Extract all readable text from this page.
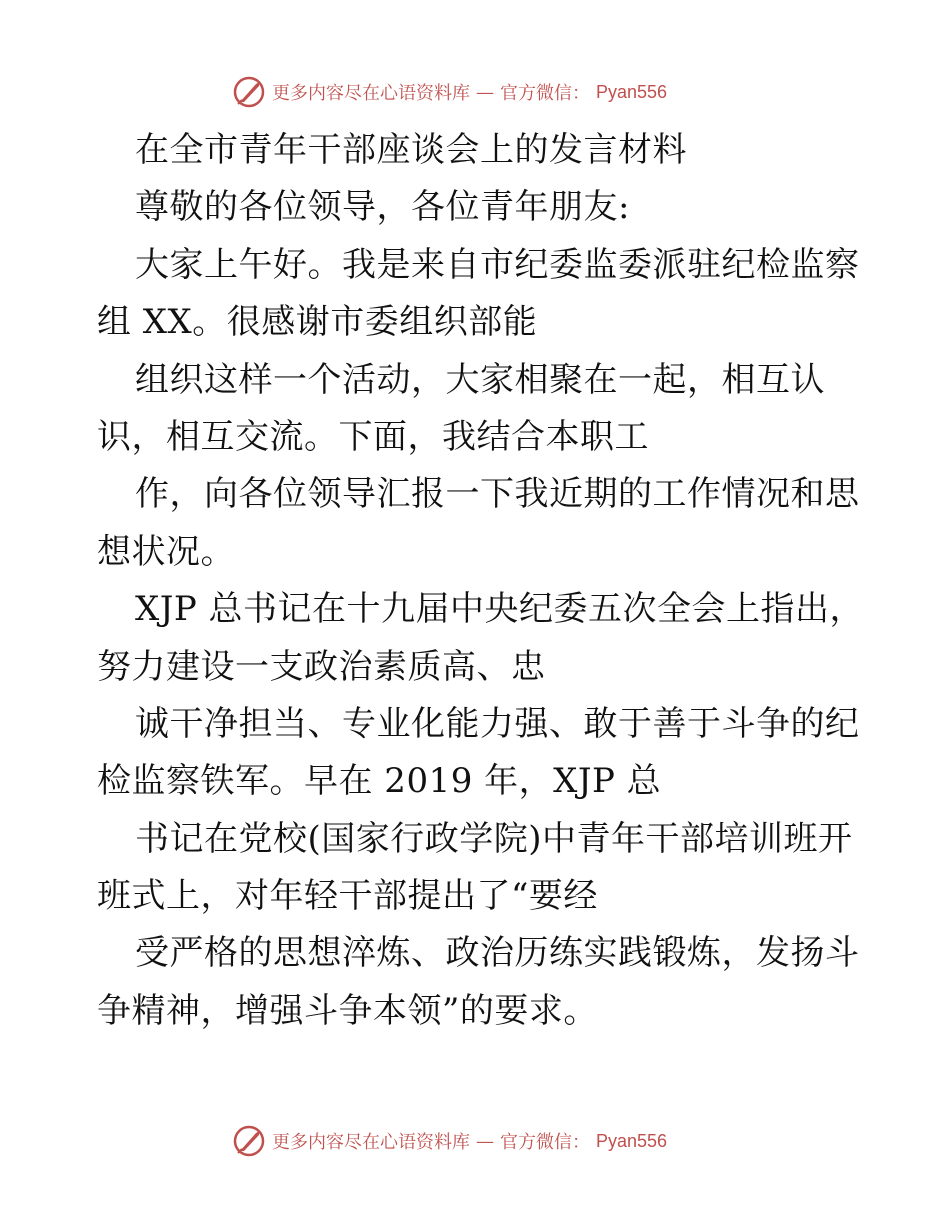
更多内容尽在心语资料库 — 官方微信： Pyan556
在全市青年干部座谈会上的发言材料
尊敬的各位领导，各位青年朋友:
大家上午好。我是来自市纪委监委派驻纪检监察
组 XX。很感谢市委组织部能
组织这样一个活动，大家相聚在一起，相互认
识，相互交流。下面，我结合本职工
作，向各位领导汇报一下我近期的工作情况和思
想状况。
XJP 总书记在十九届中央纪委五次全会上指出，
努力建设一支政治素质高、忠
诚干净担当、专业化能力强、敢于善于斗争的纪
检监察铁军。早在 2019 年，XJP 总
书记在党校(国家行政学院)中青年干部培训班开
班式上，对年轻干部提出了“要经
受严格的思想淬炼、政治历练实践锻炼，发扬斗
争精神，增强斗争本领”的要求。
更多内容尽在心语资料库 — 官方微信： Pyan556
